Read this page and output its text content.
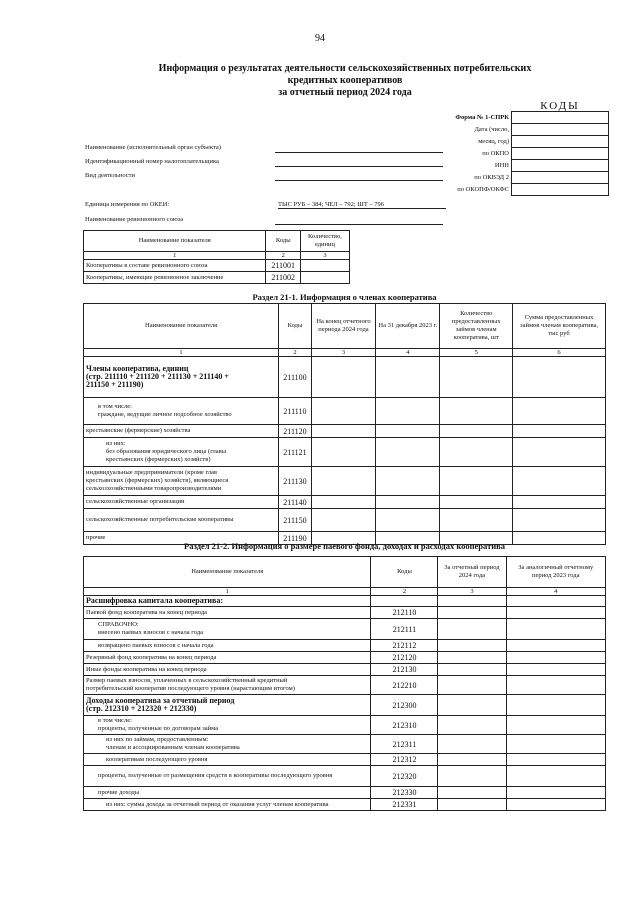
94
Информация о результатах деятельности сельскохозяйственных потребительских
кредитных кооперативов
за отчетный период 2024 года
КОДЫ
Форма № 1-СПРК	
Дата (число,	
месяц, год)	
по ОКПО	
ИНН	
по ОКВЭД 2	
по ОКОПФ/ОКФС	
Наименование (исполнительный орган субъекта)
Идентификационный номер налогоплательщика
Вид деятельности
Единица измерения по ОКЕИ:	ТЫС РУБ – 384; ЧЕЛ – 792; ШТ – 796
Наименование ревизионного союза
Наименование показателя	Коды	Количество, единиц
1	2	3
Кооперативы в составе ревизионного союза	211001	
Кооперативы, имеющие ревизионное заключение	211002	
Раздел 21-1. Информация о членах кооператива
Наименование показателя	Коды	На конец отчетного периода 2024 года	На 31 декабря 2023 г.	Количество предоставленных займов членам кооператива, шт	Сумма предоставленных займов членам кооператива, тыс руб
1	2	3	4	5	6

Члены кооператива, единиц
(стр. 211110 + 211120 + 211130 + 211140 +
211150 + 211190)	211100				

в том числе:
граждане, ведущие личное подсобное хозяйство	211110				

крестьянские (фермерские) хозяйства	211120				

из них:
без образования юридического лица (главы
крестьянских (фермерских) хозяйств)	211121				

индивидуальные предприниматели (кроме глав
крестьянских (фермерских) хозяйств), являющиеся
сельхозхозяйственными товаропроизводителями	211130				

сельскохозяйственные организации	211140				

сельскохозяйственные потребительские кооперативы	211150				

прочие	211190				
Раздел 21-2. Информация о размере паевого фонда, доходах и расходах кооператива
Наименование показателя	Коды	За отчетный период 2024 года	За аналогичный отчетному период 2023 года
1	2	3	4

Расшифровка капитала кооператива:			

Паевой фонд кооператива на конец периода	212110		

СПРАВОЧНО:
внесено паевых взносов с начала года	212111		

возвращено паевых взносов с начала года	212112		

Резервный фонд кооператива на конец периода	212120		

Иные фонды кооператива на конец периода	212130		

Размер паевых взносов, уплаченных в сельскохозяйственный кредитный
потребительский кооператив последующего уровня (нарастающим итогом)	212210		

Доходы кооператива за отчетный период
(стр. 212310 + 212320 + 212330)	212300		

в том числе:
проценты, полученные по договорам займа	212310		

из них по займам, предоставленным:
членам и ассоциированным членам кооператива	212311		

кооперативам последующего уровня	212312		

проценты, полученные от размещения средств в кооперативы последующего уровня	212320		

прочие доходы	212330		

из них: сумма дохода за отчетный период от оказания услуг членам кооператива	212331		
